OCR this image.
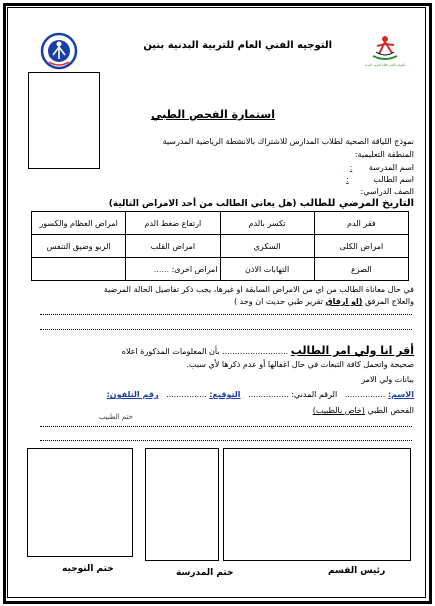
التوجيه الفني العام للتربية البدنية بنين
التوجيه الفني العام للتربية البدنية
استمارة الفحص الطبي
نموذج اللياقة الصحية لطلاب المدارس للاشتراك بالانشطة الرياضية المدرسية
المنطقة التعليمية:
اسم المدرسة :
اسم الطالب :
الصف الدراسي:
التاريخ المرضي للطالب (هل يعاني الطالب من أحد الامراض التالية)
فقر الدم	تكسر بالدم	ارتفاع ضغط الدم	امراض العظام والكسور
امراض الكلى	السكري	امراض القلب	الربو وضيق التنفس
الصرع	التهابات الاذن	امراض اخرى: ......	
في حال معاناة الطالب من اي من الامراض السابقة او غيرها، يجب ذكر تفاصيل الحالة المرضية
والعلاج المرفق (او ارفاق تقرير طبي حديث ان وجد )
أقر انا ولي امر الطالب .......................... بأن المعلومات المذكورة اعلاه
صحيحة واتحمل كافة التبعات في حال اغفالها أو عدم ذكرها لأي سبب.
بيانات ولي الامر
الاسم: ................ الرقم المدني: ................ التوقيع: ................ رقم التلفون:
الفحص الطبي (خاص بالطبيب)
ختم الطبيب
ختم التوجيه	ختم المدرسة	رئيس القسم
